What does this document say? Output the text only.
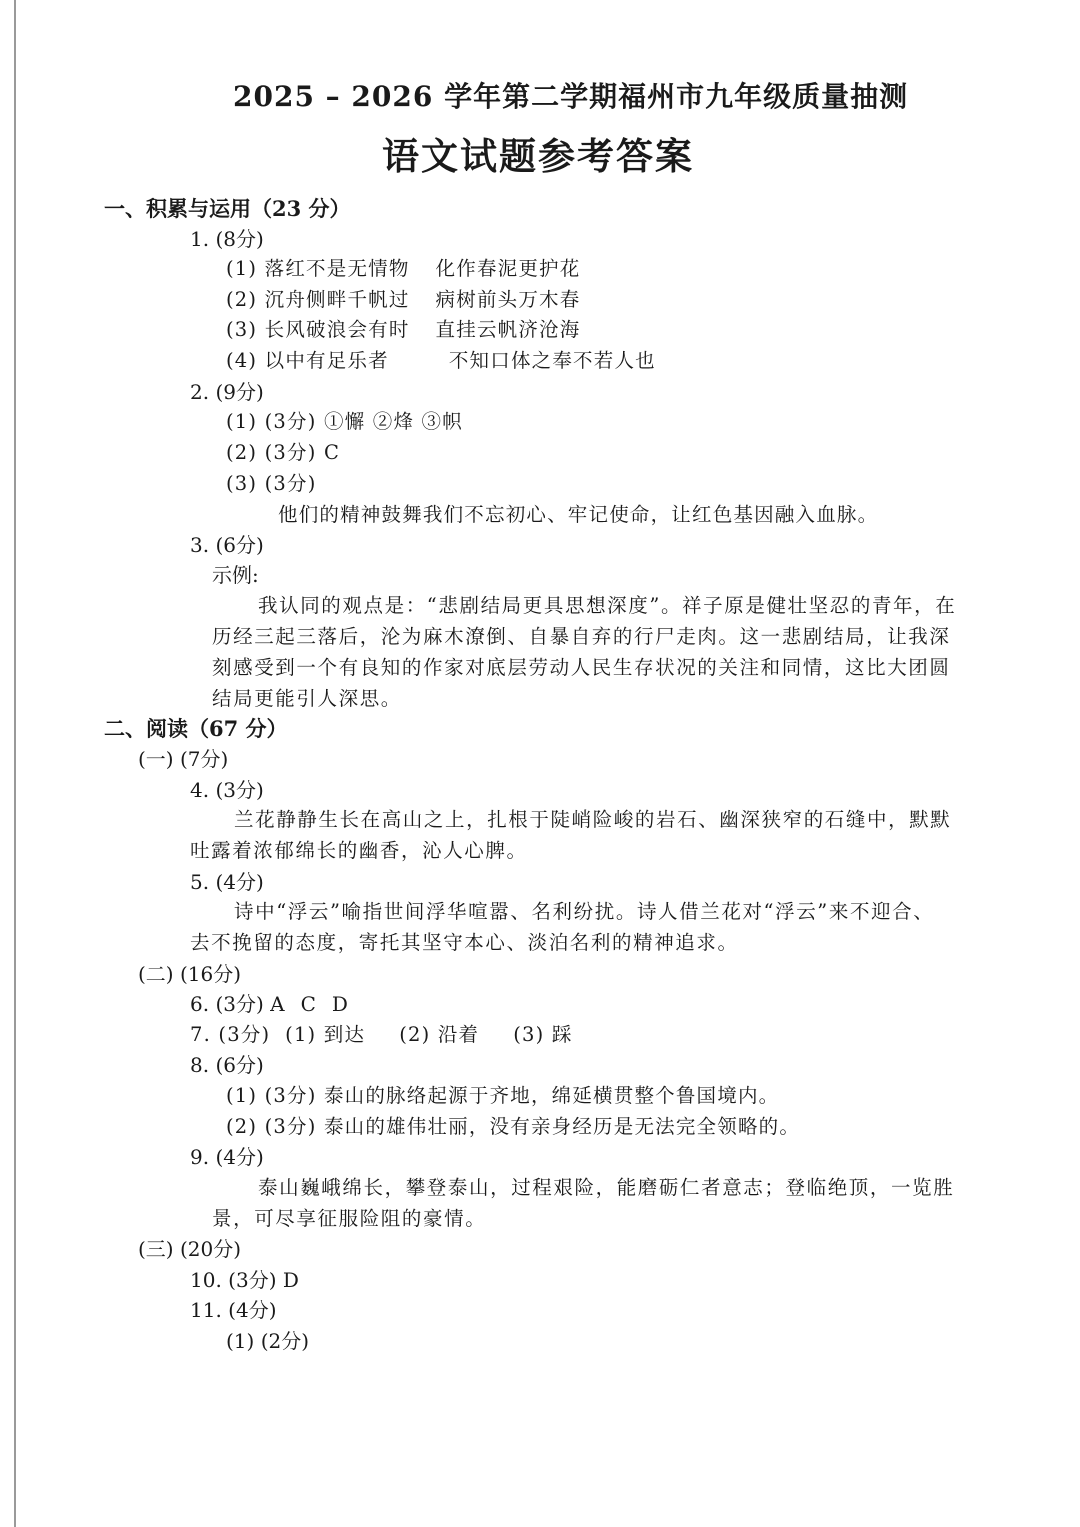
2025 – 2026 学年第二学期福州市九年级质量抽测
语文试题参考答案
一、积累与运用（23 分）
1. (8分)
(1) 落红不是无情物 化作春泥更护花
(2) 沉舟侧畔千帆过 病树前头万木春
(3) 长风破浪会有时 直挂云帆济沧海
(4) 以中有足乐者	不知口体之奉不若人也
2. (9分)
(1) (3分) ①懈 ②烽 ③帜
(2) (3分) C
(3) (3分)
他们的精神鼓舞我们不忘初心、牢记使命，让红色基因融入血脉。
3. (6分)
示例:
我认同的观点是：“悲剧结局更具思想深度”。祥子原是健壮坚忍的青年，在
历经三起三落后，沦为麻木潦倒、自暴自弃的行尸走肉。这一悲剧结局，让我深
刻感受到一个有良知的作家对底层劳动人民生存状况的关注和同情，这比大团圆
结局更能引人深思。
二、阅读（67 分）
(一) (7分)
4. (3分)
兰花静静生长在高山之上，扎根于陡峭险峻的岩石、幽深狭窄的石缝中，默默
吐露着浓郁绵长的幽香，沁人心脾。
5. (4分)
诗中“浮云”喻指世间浮华喧嚣、名利纷扰。诗人借兰花对“浮云”来不迎合、
去不挽留的态度，寄托其坚守本心、淡泊名利的精神追求。
(二) (16分)
6. (3分) A C D
7. (3分) (1) 到达 (2) 沿着 (3) 踩
8. (6分)
(1) (3分) 泰山的脉络起源于齐地，绵延横贯整个鲁国境内。
(2) (3分) 泰山的雄伟壮丽，没有亲身经历是无法完全领略的。
9. (4分)
泰山巍峨绵长，攀登泰山，过程艰险，能磨砺仁者意志；登临绝顶，一览胜
景，可尽享征服险阻的豪情。
(三) (20分)
10. (3分) D
11. (4分)
(1) (2分)
